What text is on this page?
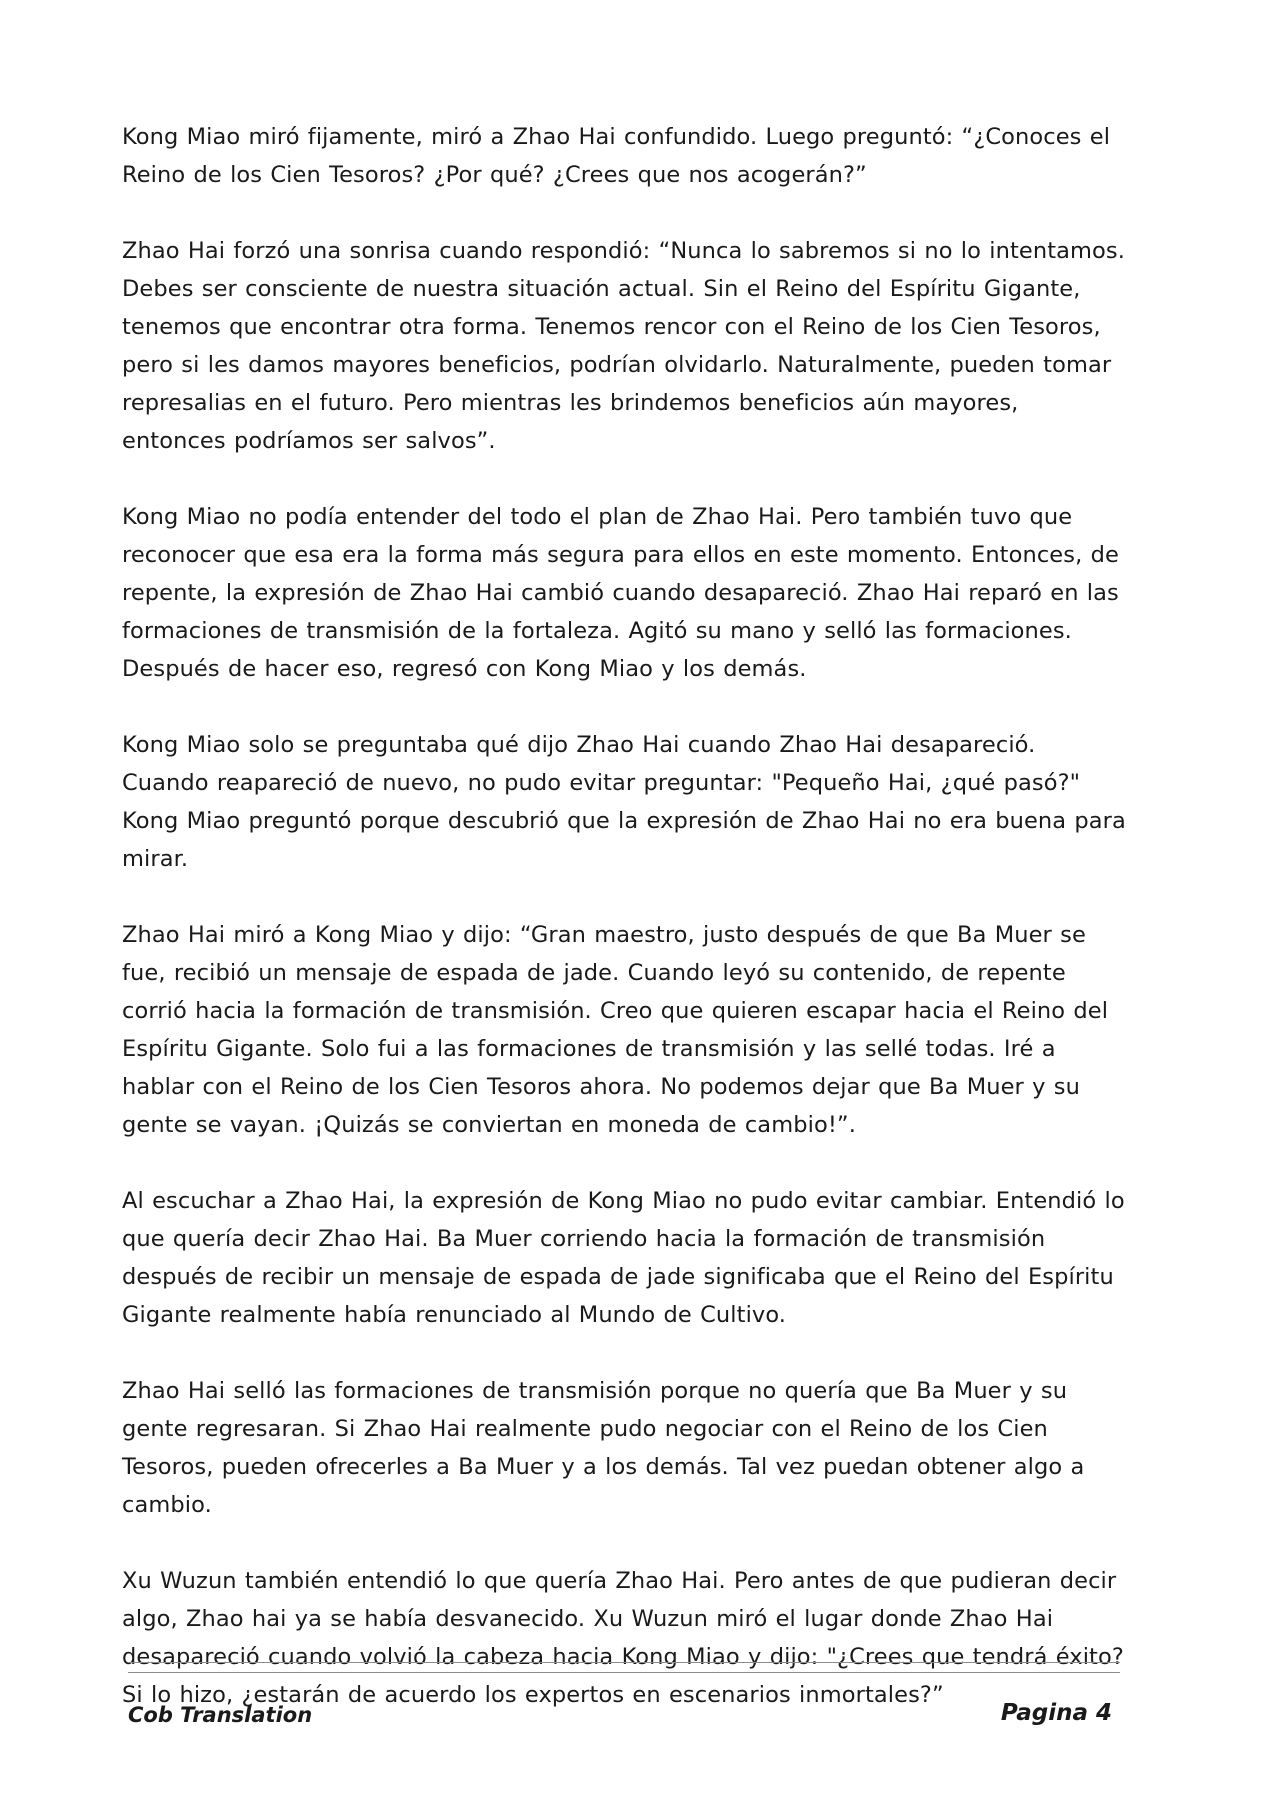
Kong Miao miró fijamente, miró a Zhao Hai confundido. Luego preguntó: “¿Conoces el Reino de los Cien Tesoros? ¿Por qué? ¿Crees que nos acogerán?”

Zhao Hai forzó una sonrisa cuando respondió: “Nunca lo sabremos si no lo intentamos. Debes ser consciente de nuestra situación actual. Sin el Reino del Espíritu Gigante, tenemos que encontrar otra forma. Tenemos rencor con el Reino de los Cien Tesoros, pero si les damos mayores beneficios, podrían olvidarlo. Naturalmente, pueden tomar represalias en el futuro. Pero mientras les brindemos beneficios aún mayores, entonces podríamos ser salvos”.

Kong Miao no podía entender del todo el plan de Zhao Hai. Pero también tuvo que reconocer que esa era la forma más segura para ellos en este momento. Entonces, de repente, la expresión de Zhao Hai cambió cuando desapareció. Zhao Hai reparó en las formaciones de transmisión de la fortaleza. Agitó su mano y selló las formaciones. Después de hacer eso, regresó con Kong Miao y los demás.

Kong Miao solo se preguntaba qué dijo Zhao Hai cuando Zhao Hai desapareció. Cuando reapareció de nuevo, no pudo evitar preguntar: "Pequeño Hai, ¿qué pasó?" Kong Miao preguntó porque descubrió que la expresión de Zhao Hai no era buena para mirar.

Zhao Hai miró a Kong Miao y dijo: “Gran maestro, justo después de que Ba Muer se fue, recibió un mensaje de espada de jade. Cuando leyó su contenido, de repente corrió hacia la formación de transmisión. Creo que quieren escapar hacia el Reino del Espíritu Gigante. Solo fui a las formaciones de transmisión y las sellé todas. Iré a hablar con el Reino de los Cien Tesoros ahora. No podemos dejar que Ba Muer y su gente se vayan. ¡Quizás se conviertan en moneda de cambio!”.

Al escuchar a Zhao Hai, la expresión de Kong Miao no pudo evitar cambiar. Entendió lo que quería decir Zhao Hai. Ba Muer corriendo hacia la formación de transmisión después de recibir un mensaje de espada de jade significaba que el Reino del Espíritu Gigante realmente había renunciado al Mundo de Cultivo.

Zhao Hai selló las formaciones de transmisión porque no quería que Ba Muer y su gente regresaran. Si Zhao Hai realmente pudo negociar con el Reino de los Cien Tesoros, pueden ofrecerles a Ba Muer y a los demás. Tal vez puedan obtener algo a cambio.

Xu Wuzun también entendió lo que quería Zhao Hai. Pero antes de que pudieran decir algo, Zhao hai ya se había desvanecido. Xu Wuzun miró el lugar donde Zhao Hai desapareció cuando volvió la cabeza hacia Kong Miao y dijo: "¿Crees que tendrá éxito? Si lo hizo, ¿estarán de acuerdo los expertos en escenarios inmortales?”

Cob Translation	Pagina 4
